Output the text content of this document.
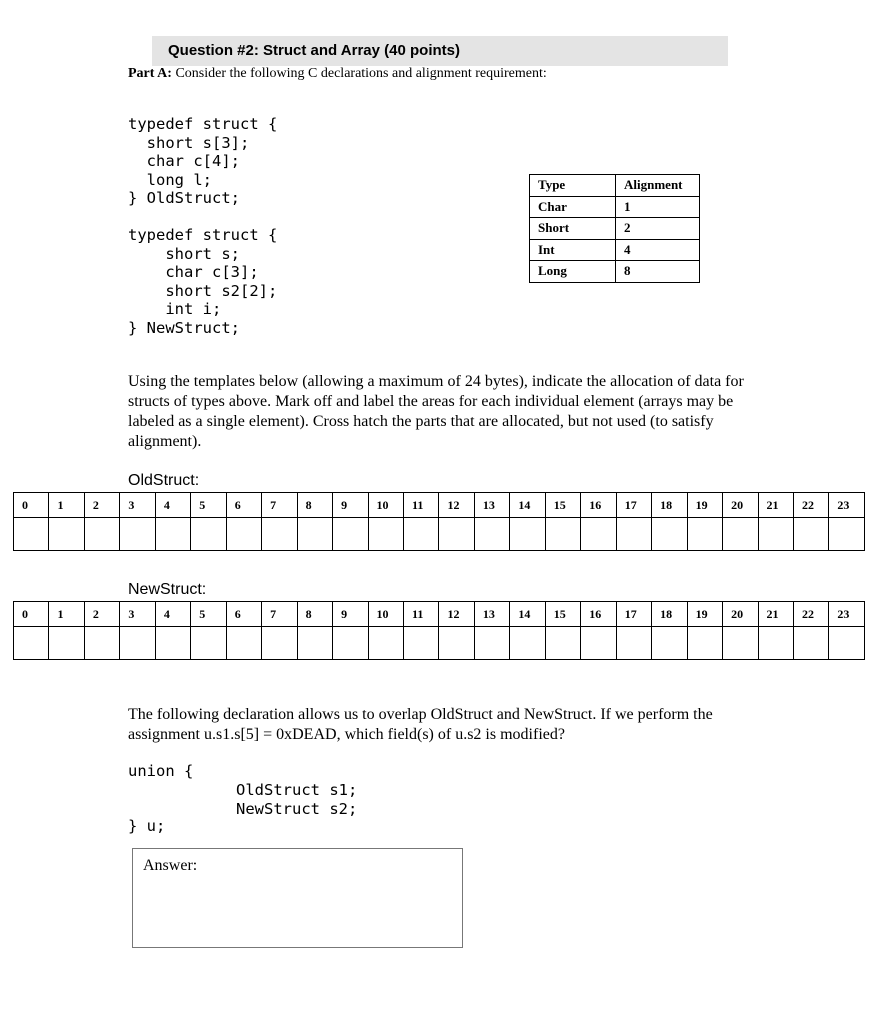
Question #2: Struct and Array (40 points)
Part A: Consider the following C declarations and alignment requirement:
typedef struct {
short s[3];
char c[4];
long l;
} OldStruct;
typedef struct {
short s;
char c[3];
short s2[2];
int i;
} NewStruct;
Type	Alignment
Char	1
Short	2
Int	4
Long	8
Using the templates below (allowing a maximum of 24 bytes), indicate the allocation of data for structs of types above. Mark off and label the areas for each individual element (arrays may be labeled as a single element). Cross hatch the parts that are allocated, but not used (to satisfy alignment).
OldStruct:
0	1	2	3	4	5	6	7	8	9	10	11	12	13	14	15	16	17	18	19	20	21	22	23
NewStruct:
0	1	2	3	4	5	6	7	8	9	10	11	12	13	14	15	16	17	18	19	20	21	22	23
The following declaration allows us to overlap OldStruct and NewStruct. If we perform the assignment u.s1.s[5] = 0xDEAD, which field(s) of u.s2 is modified?
union {
OldStruct s1;
NewStruct s2;
} u;
Answer:
